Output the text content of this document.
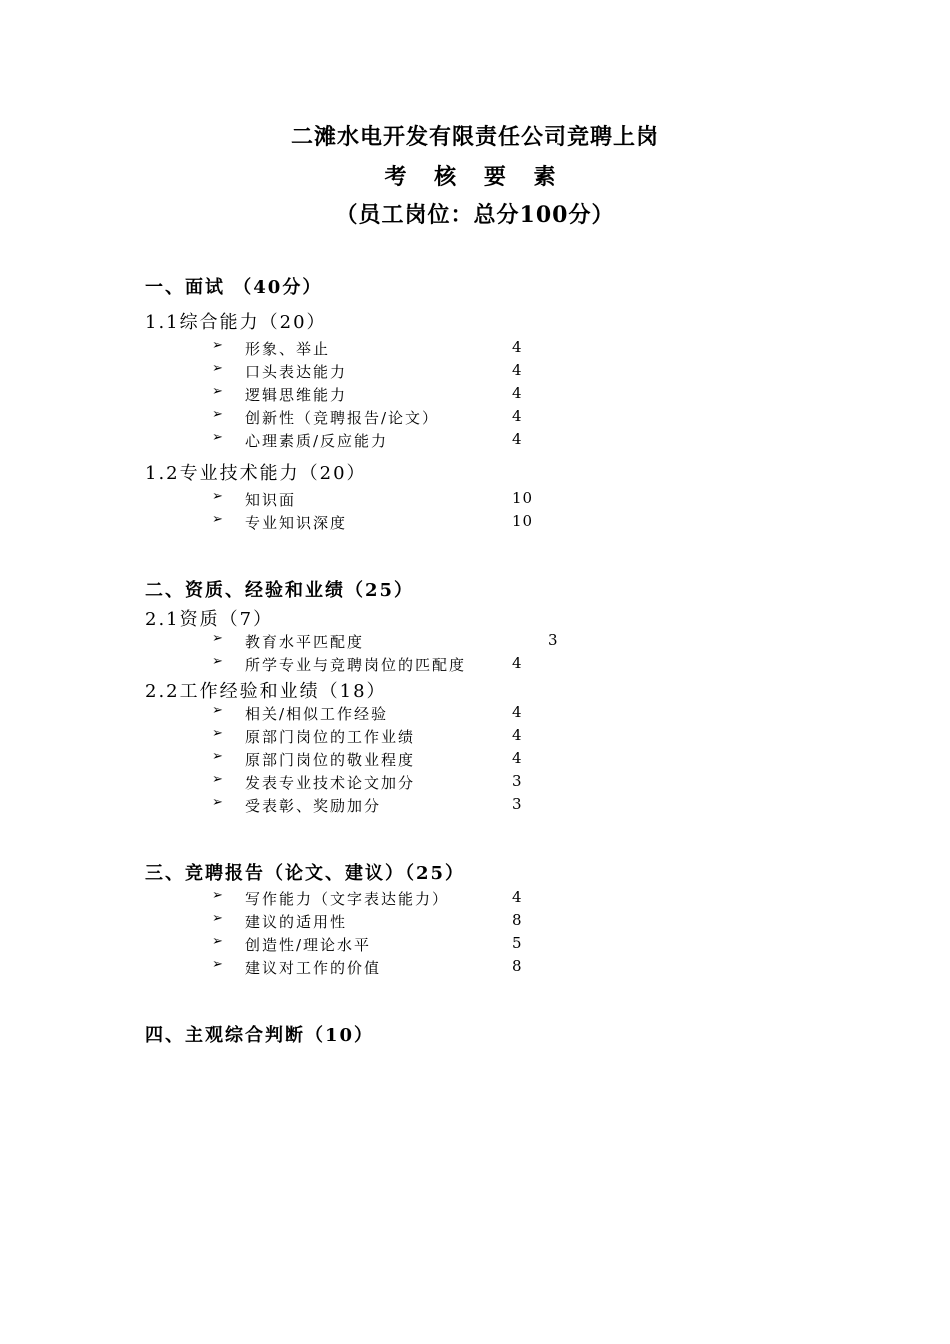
二滩水电开发有限责任公司竞聘上岗
考 核 要 素
（员工岗位：总分100分）
一、面试 （40分）
1.1综合能力（20）
➢ 形象、举止	4
➢ 口头表达能力	4
➢ 逻辑思维能力	4
➢ 创新性（竞聘报告/论文）	4
➢ 心理素质/反应能力	4
1.2专业技术能力（20）
➢ 知识面	10
➢ 专业知识深度	10
二、资质、经验和业绩（25）
2.1资质（7）
➢ 教育水平匹配度	3
➢ 所学专业与竞聘岗位的匹配度	4
2.2工作经验和业绩（18）
➢ 相关/相似工作经验	4
➢ 原部门岗位的工作业绩	4
➢ 原部门岗位的敬业程度	4
➢ 发表专业技术论文加分	3
➢ 受表彰、奖励加分	3
三、竞聘报告（论文、建议）（25）
➢ 写作能力（文字表达能力）	4
➢ 建议的适用性	8
➢ 创造性/理论水平	5
➢ 建议对工作的价值	8
四、主观综合判断（10）
